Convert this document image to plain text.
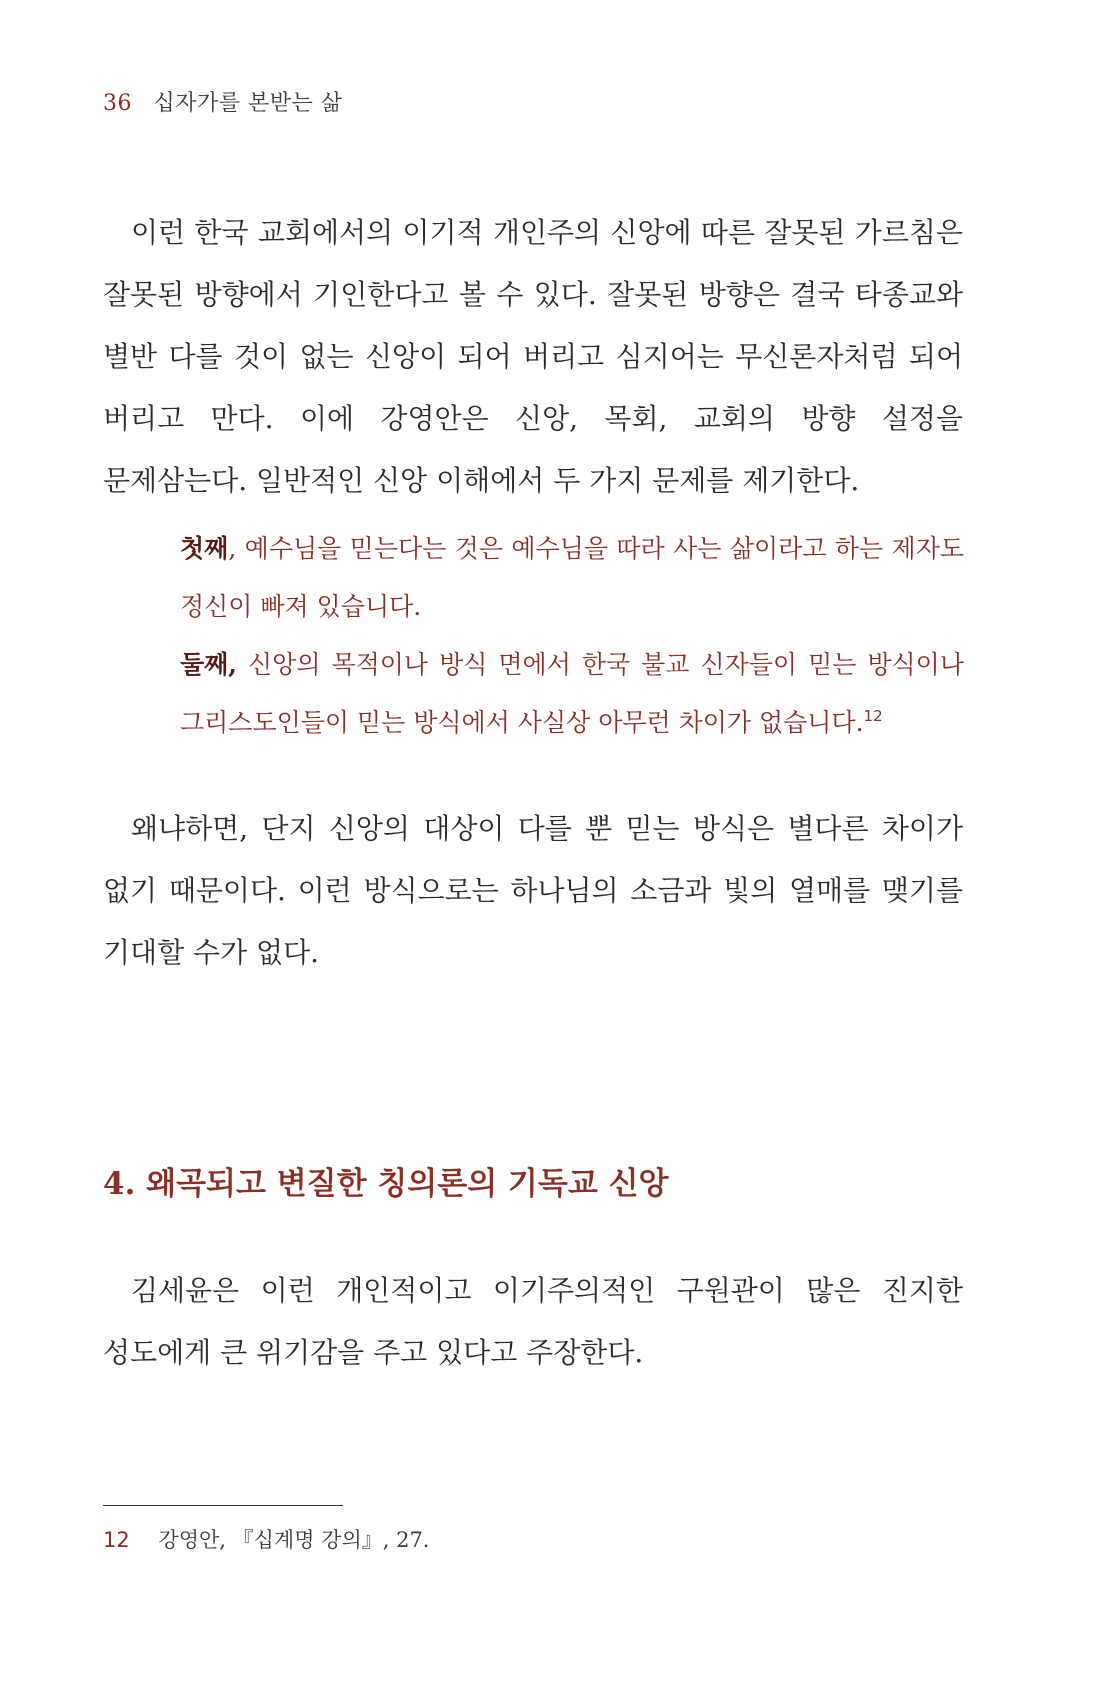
36 십자가를 본받는 삶

이런 한국 교회에서의 이기적 개인주의 신앙에 따른 잘못된 가르침은 잘못된 방향에서 기인한다고 볼 수 있다. 잘못된 방향은 결국 타종교와 별반 다를 것이 없는 신앙이 되어 버리고 심지어는 무신론자처럼 되어 버리고 만다. 이에 강영안은 신앙, 목회, 교회의 방향 설정을 문제삼는다. 일반적인 신앙 이해에서 두 가지 문제를 제기한다.

첫째, 예수님을 믿는다는 것은 예수님을 따라 사는 삶이라고 하는 제자도 정신이 빠져 있습니다.

둘째, 신앙의 목적이나 방식 면에서 한국 불교 신자들이 믿는 방식이나 그리스도인들이 믿는 방식에서 사실상 아무런 차이가 없습니다.$^{12}$

왜냐하면, 단지 신앙의 대상이 다를 뿐 믿는 방식은 별다른 차이가 없기 때문이다. 이런 방식으로는 하나님의 소금과 빛의 열매를 맺기를 기대할 수가 없다.

4. 왜곡되고 변질한 칭의론의 기독교 신앙

김세윤은 이런 개인적이고 이기주의적인 구원관이 많은 진지한 성도에게 큰 위기감을 주고 있다고 주장한다.

12 강영안, 『십계명 강의』, 27.
